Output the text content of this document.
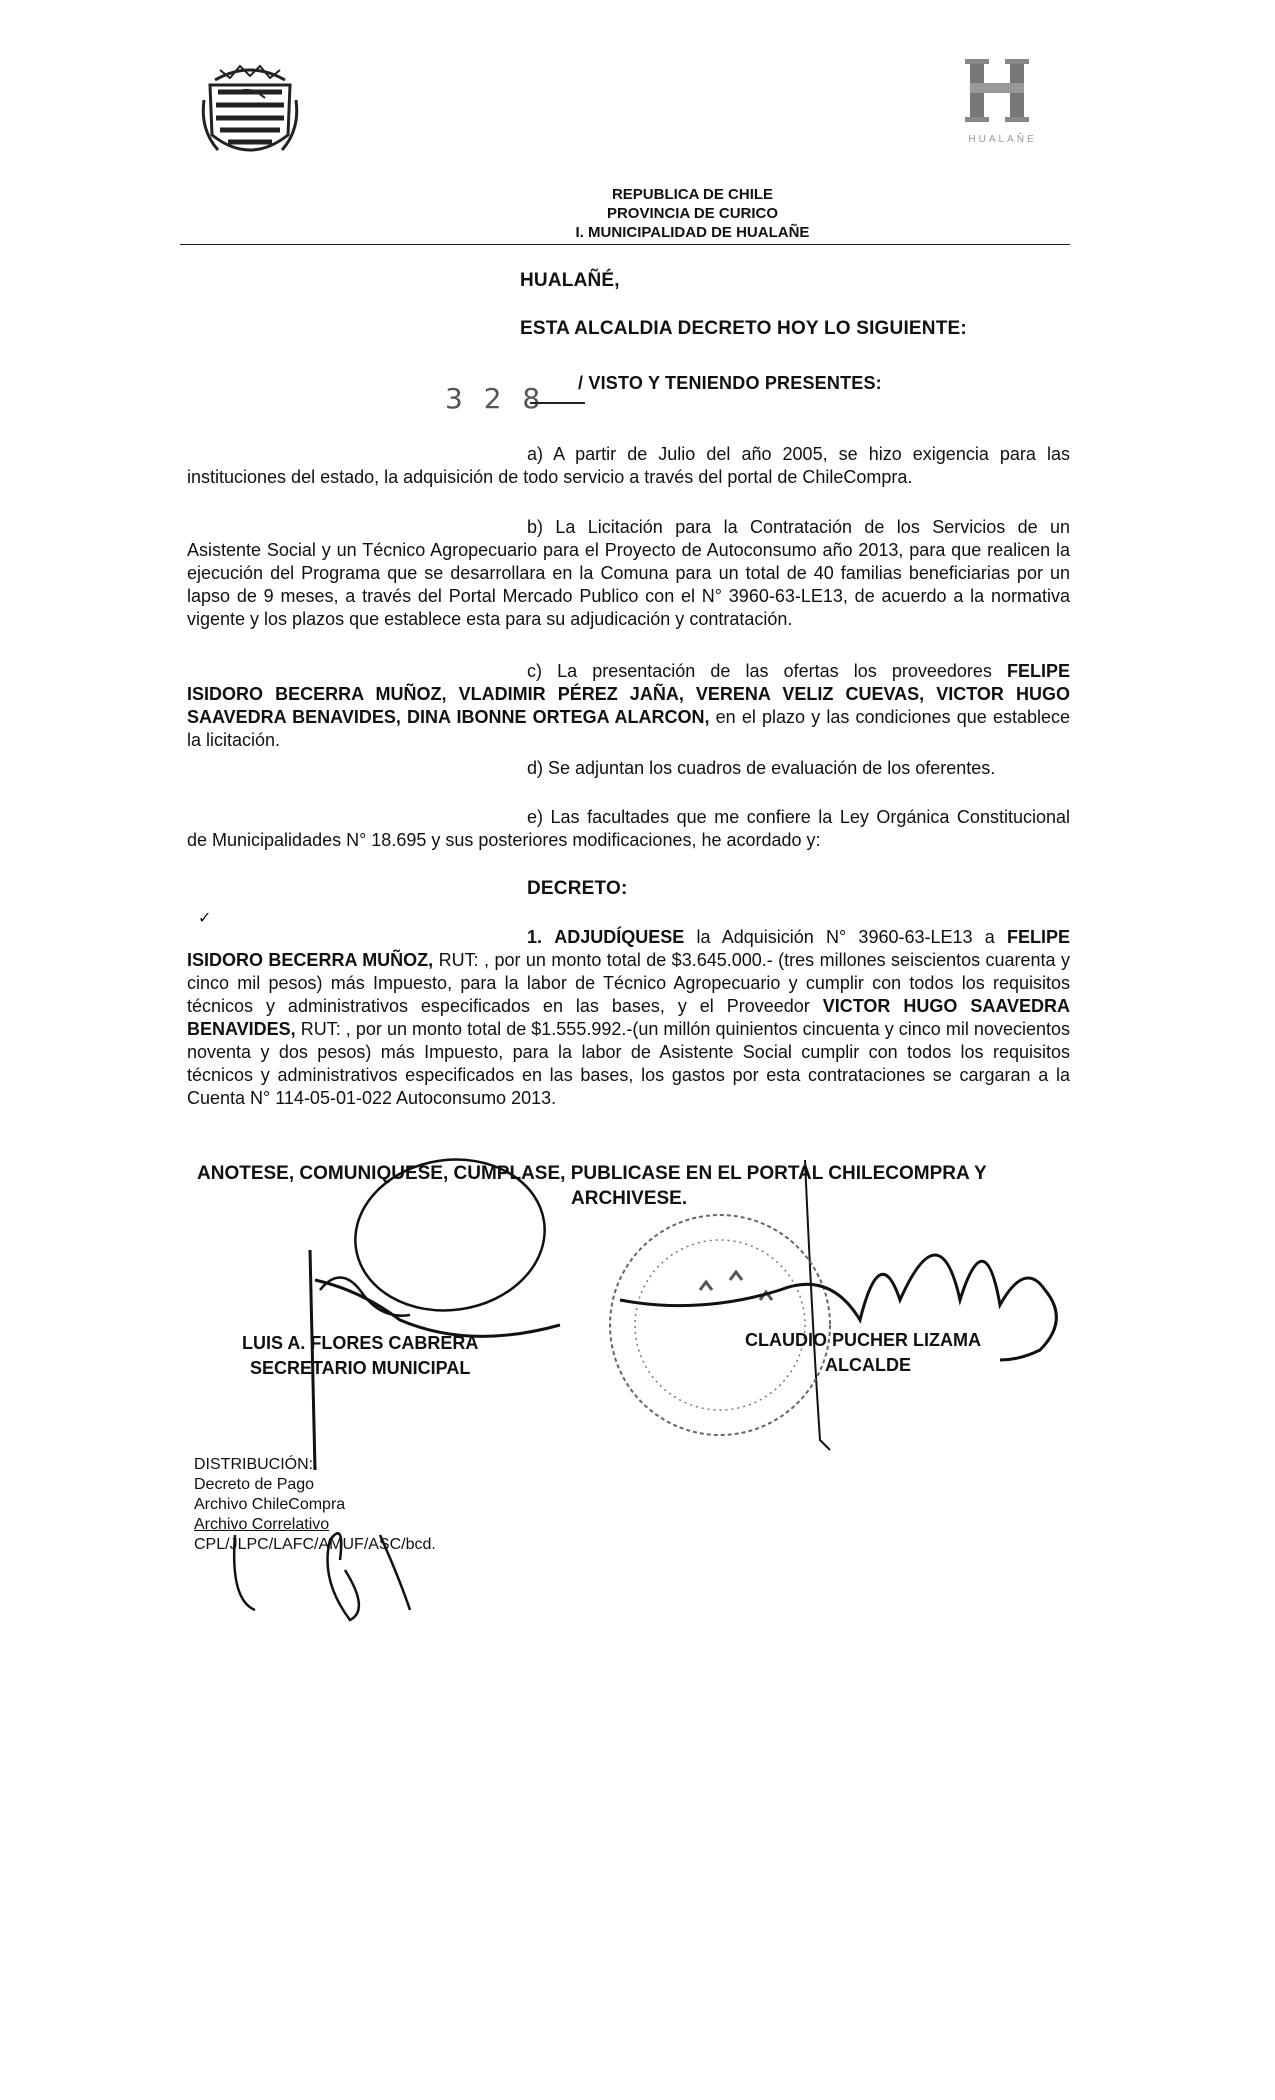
HUALAÑE
REPUBLICA DE CHILE
PROVINCIA DE CURICO
I. MUNICIPALIDAD DE HUALAÑE
HUALAÑÉ,
ESTA ALCALDIA DECRETO HOY LO SIGUIENTE:
3 2 8 / VISTO Y TENIENDO PRESENTES:
a) A partir de Julio del año 2005, se hizo exigencia para las instituciones del estado, la adquisición de todo servicio a través del portal de ChileCompra.
b) La Licitación para la Contratación de los Servicios de un Asistente Social y un Técnico Agropecuario para el Proyecto de Autoconsumo año 2013, para que realicen la ejecución del Programa que se desarrollara en la Comuna para un total de 40 familias beneficiarias por un lapso de 9 meses, a través del Portal Mercado Publico con el N° 3960-63-LE13, de acuerdo a la normativa vigente y los plazos que establece esta para su adjudicación y contratación.
c) La presentación de las ofertas los proveedores FELIPE ISIDORO BECERRA MUÑOZ, VLADIMIR PÉREZ JAÑA, VERENA VELIZ CUEVAS, VICTOR HUGO SAAVEDRA BENAVIDES, DINA IBONNE ORTEGA ALARCON, en el plazo y las condiciones que establece la licitación.
d) Se adjuntan los cuadros de evaluación de los oferentes.
e) Las facultades que me confiere la Ley Orgánica Constitucional de Municipalidades N° 18.695 y sus posteriores modificaciones, he acordado y:
DECRETO:
✓
1. ADJUDÍQUESE la Adquisición N° 3960-63-LE13 a FELIPE ISIDORO BECERRA MUÑOZ, RUT: , por un monto total de $3.645.000.- (tres millones seiscientos cuarenta y cinco mil pesos) más Impuesto, para la labor de Técnico Agropecuario y cumplir con todos los requisitos técnicos y administrativos especificados en las bases, y el Proveedor VICTOR HUGO SAAVEDRA BENAVIDES, RUT: , por un monto total de $1.555.992.-(un millón quinientos cincuenta y cinco mil novecientos noventa y dos pesos) más Impuesto, para la labor de Asistente Social cumplir con todos los requisitos técnicos y administrativos especificados en las bases, los gastos por esta contrataciones se cargaran a la Cuenta N° 114-05-01-022 Autoconsumo 2013.
ANOTESE, COMUNIQUESE, CUMPLASE, PUBLICASE EN EL PORTAL CHILECOMPRA Y
ARCHIVESE.
LUIS A. FLORES CABRERA
SECRETARIO MUNICIPAL
CLAUDIO PUCHER LIZAMA
ALCALDE
DISTRIBUCIÓN:
Decreto de Pago
Archivo ChileCompra
Archivo Correlativo
CPL/JLPC/LAFC/AMUF/ASC/bcd.
